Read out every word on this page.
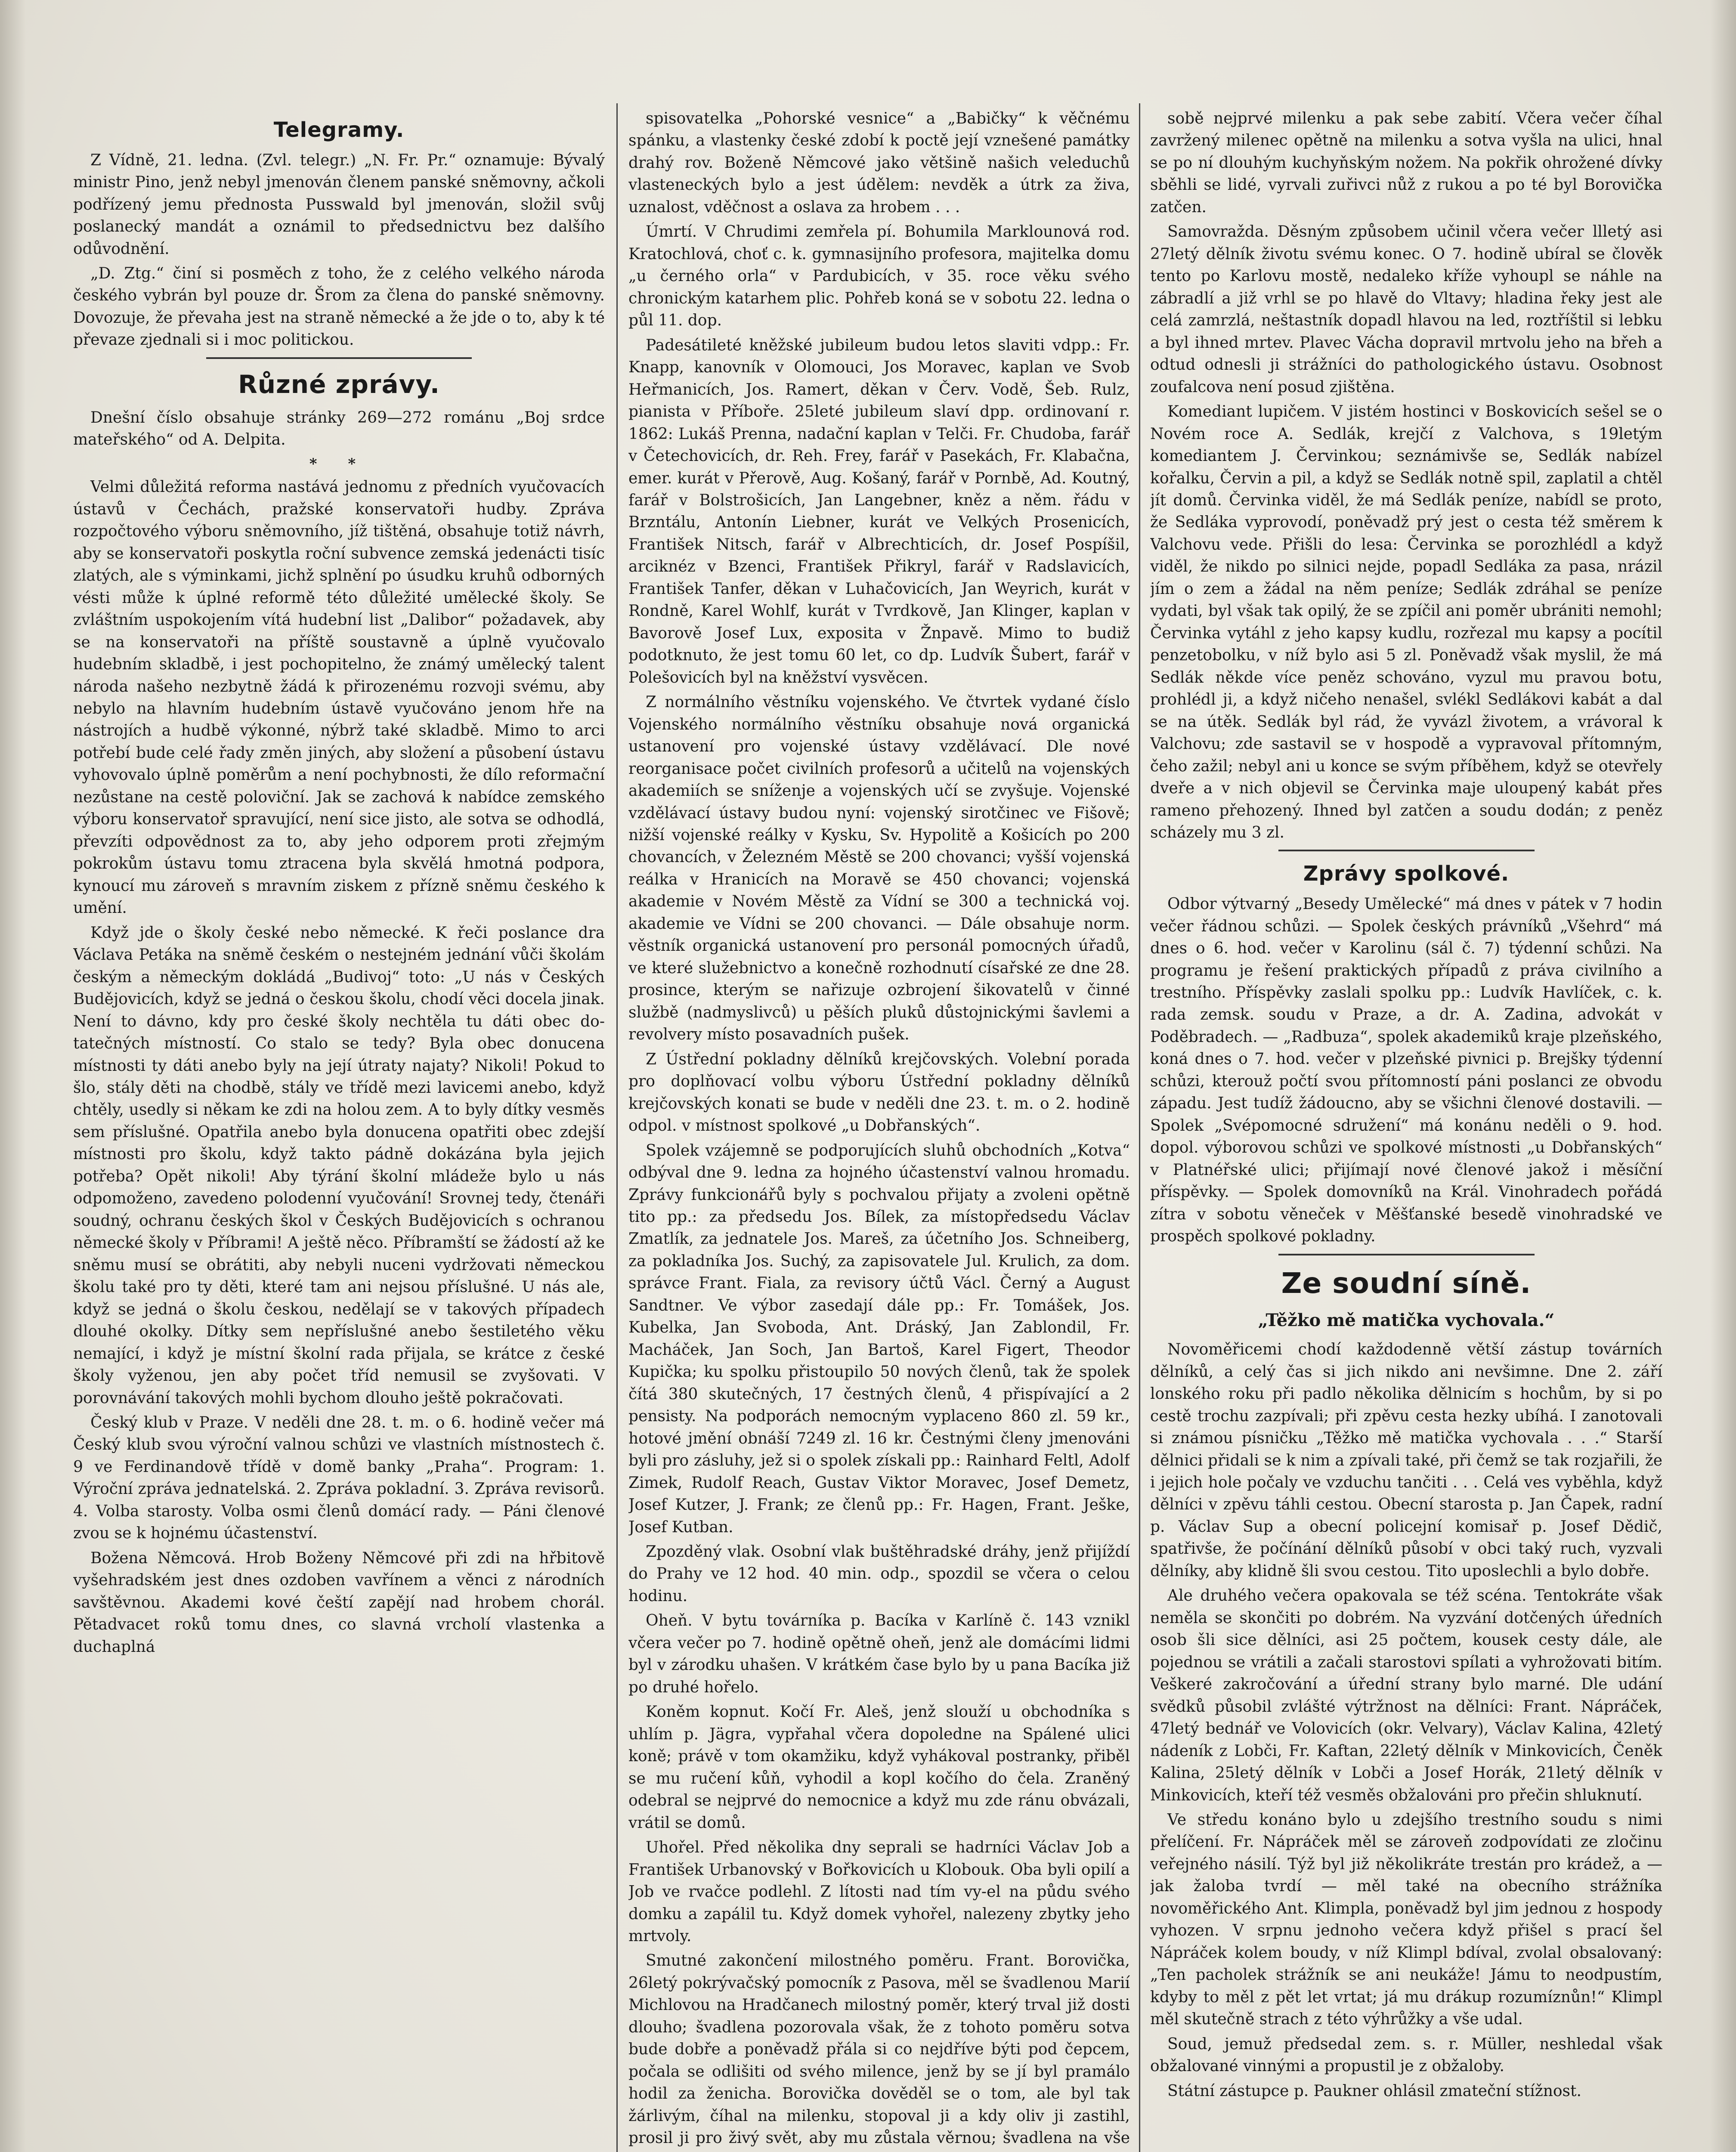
Telegramy.

Z Vídně, 21. ledna. (Zvl. telegr.) „N. Fr. Pr.“ oznamuje: Bývalý ministr Pino, jenž nebyl jmenován členem panské sněmovny, ačkoli podřízený jemu přednosta Pusswald byl jmenován, složil svůj poslanecký mandát a oznámil to předsednictvu bez dalšího odůvodnění.

„D. Ztg.“ činí si posměch z toho, že z celého velkého národa českého vybrán byl pouze dr. Šrom za člena do panské sněmovny. Dovozuje, že převaha jest na straně německé a že jde o to, aby k té převaze zjednali si i moc politickou.

Různé zprávy.

Dnešní číslo obsahuje stránky 269—272 románu „Boj srdce mateřského“ od A. Delpita.

* *

Velmi důležitá reforma nastává jednomu z předních vyučovacích ústavů v Čechách, pražské konservatoři hudby. Zpráva rozpočtového výboru sněmovního, jíž tištěná, obsahuje totiž návrh, aby se konservatoři poskytla roční subvence zemská jedenácti tisíc zlatých, ale s výminkami, jichž splnění po úsudku kruhů odborných vésti může k úplné reformě této důležité umělecké školy. Se zvláštním uspokojením vítá hudební list „Dalibor“ požadavek, aby se na konservatoři na příště soustavně a úplně vyučovalo hudebním skladbě, i jest pochopitelno, že známý umělecký talent národa našeho nezbytně žádá k přirozenému rozvoji svému, aby nebylo na hlavním hudebním ústavě vyučováno jenom hře na nástrojích a hudbě výkonné, nýbrž také skladbě. Mimo to arci potřebí bude celé řady změn jiných, aby složení a působení ústavu vyhovovalo úplně poměrům a není pochybnosti, že dílo reformační nezůstane na cestě poloviční. Jak se zachová k nabídce zemského výboru konservatoř spravující, není sice jisto, ale sotva se odhodlá, převzíti odpovědnost za to, aby jeho odporem proti zřejmým pokrokům ústavu tomu ztracena byla skvělá hmotná podpora, kynoucí mu zároveň s mravním ziskem z přízně sněmu českého k umění.

Když jde o školy české nebo německé. K řeči poslance dra Václava Petáka na sněmě českém o nestejném jednání vůči školám českým a německým dokládá „Budivoj“ toto: „U nás v Českých Budějovicích, když se jedná o českou školu, chodí věci docela jinak. Není to dávno, kdy pro české školy nechtěla tu dáti obec do-tatečných místností. Co stalo se tedy? Byla obec donucena místnosti ty dáti anebo byly na její útraty najaty? Nikoli! Pokud to šlo, stály děti na chodbě, stály ve třídě mezi lavicemi anebo, když chtěly, usedly si někam ke zdi na holou zem. A to byly dítky vesměs sem příslušné. Opatřila anebo byla donucena opatřiti obec zdejší místnosti pro školu, když takto pádně dokázána byla jejich potřeba? Opět nikoli! Aby týrání školní mládeže bylo u nás odpomoženo, zavedeno polodenní vyučování! Srovnej tedy, čtenáři soudný, ochranu českých škol v Českých Budějovicích s ochranou německé školy v Příbrami! A ještě něco. Příbramští se žádostí až ke sněmu musí se obrátiti, aby nebyli nuceni vydržovati německou školu také pro ty děti, které tam ani nejsou příslušné. U nás ale, když se jedná o školu českou, nedělají se v takových případech dlouhé okolky. Dítky sem nepříslušné anebo šestiletého věku nemající, i když je místní školní rada přijala, se krátce z české školy vyženou, jen aby počet tříd nemusil se zvyšovati. V porovnávání takových mohli bychom dlouho ještě pokračovati.

Český klub v Praze. V neděli dne 28. t. m. o 6. hodině večer má Český klub svou výroční valnou schůzi ve vlastních místnostech č. 9 ve Ferdinandově třídě v domě banky „Praha“. Program: 1. Výroční zpráva jednatelská. 2. Zpráva pokladní. 3. Zpráva revisorů. 4. Volba starosty. Volba osmi členů domácí rady. — Páni členové zvou se k hojnému účastenství.

Božena Němcová. Hrob Boženy Němcové při zdi na hřbitově vyšehradském jest dnes ozdoben vavřínem a věnci z národních savštěvnou. Akademi kové čeští zapějí nad hrobem chorál. Pětadvacet roků tomu dnes, co slavná vrcholí vlastenka a duchaplná

spisovatelka „Pohorské vesnice“ a „Babičky“ k věčnému spánku, a vlastenky české zdobí k poctě její vznešené památky drahý rov. Boženě Němcové jako většině našich veleduchů vlasteneckých bylo a jest údělem: nevděk a útrk za živa, uznalost, vděčnost a oslava za hrobem . . .

Úmrtí. V Chrudimi zemřela pí. Bohumila Marklounová rod. Kratochlová, choť c. k. gymnasijního profesora, majitelka domu „u černého orla“ v Pardubicích, v 35. roce věku svého chronickým katarhem plic. Pohřeb koná se v sobotu 22. ledna o půl 11. dop.

Padesátileté kněžské jubileum budou letos slaviti vdpp.: Fr. Knapp, kanovník v Olomouci, Jos Moravec, kaplan ve Svob Heřmanicích, Jos. Ramert, děkan v Červ. Vodě, Šeb. Rulz, pianista v Příboře. 25leté jubileum slaví dpp. ordinovaní r. 1862: Lukáš Prenna, nadační kaplan v Telči. Fr. Chudoba, farář v Četechovicích, dr. Reh. Frey, farář v Pasekách, Fr. Klabačna, emer. kurát v Přerově, Aug. Košaný, farář v Pornbě, Ad. Koutný, farář v Bolstrošicích, Jan Langebner, kněz a něm. řádu v Brzntálu, Antonín Liebner, kurát ve Velkých Prosenicích, František Nitsch, farář v Albrechticích, dr. Josef Pospíšil, arciknéz v Bzenci, František Přikryl, farář v Radslavicích, František Tanfer, děkan v Luhačovicích, Jan Weyrich, kurát v Rondně, Karel Wohlf, kurát v Tvrdkově, Jan Klinger, kaplan v Bavorově Josef Lux, exposita v Žnpavě. Mimo to budiž podotknuto, že jest tomu 60 let, co dp. Ludvík Šubert, farář v Polešovicích byl na kněžství vysvěcen.

Z normálního věstníku vojenského. Ve čtvrtek vydané číslo Vojenského normálního věstníku obsahuje nová organická ustanovení pro vojenské ústavy vzdělávací. Dle nové reorganisace počet civilních profesorů a učitelů na vojenských akademiích se sníženje a vojenských učí se zvyšuje. Vojenské vzdělávací ústavy budou nyní: vojenský sirotčinec ve Fišově; nižší vojenské reálky v Kysku, Sv. Hypolitě a Košicích po 200 chovancích, v Železném Městě se 200 chovanci; vyšší vojenská reálka v Hranicích na Moravě se 450 chovanci; vojenská akademie v Novém Městě za Vídní se 300 a technická voj. akademie ve Vídni se 200 chovanci. — Dále obsahuje norm. věstník organická ustanovení pro personál pomocných úřadů, ve které služebnictvo a konečně rozhodnutí císařské ze dne 28. prosince, kterým se nařizuje ozbrojení šikovatelů v činné službě (nadmyslivců) u pěších pluků důstojnickými šavlemi a revolvery místo posavadních pušek.

Z Ústřední pokladny dělníků krejčovských. Volební porada pro doplňovací volbu výboru Ústřední pokladny dělníků krejčovských konati se bude v neděli dne 23. t. m. o 2. hodině odpol. v místnost spolkové „u Dobřanských“.

Spolek vzájemně se podporujících sluhů obchodních „Kotva“ odbýval dne 9. ledna za hojného účastenství valnou hromadu. Zprávy funkcionářů byly s pochvalou přijaty a zvoleni opětně tito pp.: za předsedu Jos. Bílek, za místopředsedu Václav Zmatlík, za jednatele Jos. Mareš, za účetního Jos. Schneiberg, za pokladníka Jos. Suchý, za zapisovatele Jul. Krulich, za dom. správce Frant. Fiala, za revisory účtů Václ. Černý a August Sandtner. Ve výbor zasedají dále pp.: Fr. Tomášek, Jos. Kubelka, Jan Svoboda, Ant. Dráský, Jan Zablondil, Fr. Macháček, Jan Soch, Jan Bartoš, Karel Figert, Theodor Kupička; ku spolku přistoupilo 50 nových členů, tak že spolek čítá 380 skutečných, 17 čestných členů, 4 přispívající a 2 pensisty. Na podporách nemocným vyplaceno 860 zl. 59 kr., hotové jmění obnáší 7249 zl. 16 kr. Čestnými členy jmenováni byli pro zásluhy, jež si o spolek získali pp.: Rainhard Feltl, Adolf Zimek, Rudolf Reach, Gustav Viktor Moravec, Josef Demetz, Josef Kutzer, J. Frank; ze členů pp.: Fr. Hagen, Frant. Ješke, Josef Kutban.

Zpozděný vlak. Osobní vlak buštěhradské dráhy, jenž přijíždí do Prahy ve 12 hod. 40 min. odp., spozdil se včera o celou hodinu.

Oheň. V bytu továrníka p. Bacíka v Karlíně č. 143 vznikl včera večer po 7. hodině opětně oheň, jenž ale domácími lidmi byl v zárodku uhašen. V krátkém čase bylo by u pana Bacíka již po druhé hořelo.

Koněm kopnut. Kočí Fr. Aleš, jenž slouží u obchodníka s uhlím p. Jägra, vypřahal včera dopoledne na Spálené ulici koně; právě v tom okamžiku, když vyhákoval postranky, přiběl se mu ručení kůň, vyhodil a kopl kočího do čela. Zraněný odebral se nejprvé do nemocnice a když mu zde ránu obvázali, vrátil se domů.

Uhořel. Před několika dny seprali se hadrníci Václav Job a František Urbanovský v Bořkovicích u Klobouk. Oba byli opilí a Job ve rvačce podlehl. Z lítosti nad tím vy-el na půdu svého domku a zapálil tu. Když domek vyhořel, nalezeny zbytky jeho mrtvoly.

Smutné zakončení milostného poměru. Frant. Borovička, 26letý pokrývačský pomocník z Pasova, měl se švadlenou Marií Michlovou na Hradčanech milostný poměr, který trval již dosti dlouho; švadlena pozorovala však, že z tohoto poměru sotva bude dobře a poněvadž přála si co nejdříve býti pod čepcem, počala se odlišiti od svého milence, jenž by se jí byl pramálo hodil za ženicha. Borovička dověděl se o tom, ale byl tak žárlivým, číhal na milenku, stopoval ji a kdy oliv ji zastihl, prosil ji pro živý svět, aby mu zůstala věrnou; švadlena na vše

sobě nejprvé milenku a pak sebe zabití. Včera večer číhal zavržený milenec opětně na milenku a sotva vyšla na ulici, hnal se po ní dlouhým kuchyňským nožem. Na pokřik ohrožené dívky sběhli se lidé, vyrvali zuřivci nůž z rukou a po té byl Borovička zatčen.

Samovražda. Děsným způsobem učinil včera večer llletý asi 27letý dělník životu svému konec. O 7. hodině ubíral se člověk tento po Karlovu mostě, nedaleko kříže vyhoupl se náhle na zábradlí a již vrhl se po hlavě do Vltavy; hladina řeky jest ale celá zamrzlá, neštastník dopadl hlavou na led, roztříštil si lebku a byl ihned mrtev. Plavec Vácha dopravil mrtvolu jeho na břeh a odtud odnesli ji strážníci do pathologického ústavu. Osobnost zoufalcova není posud zjištěna.

Komediant lupičem. V jistém hostinci v Boskovicích sešel se o Novém roce A. Sedlák, krejčí z Valchova, s 19letým komediantem J. Červinkou; seznámivše se, Sedlák nabízel kořalku, Červin a pil, a když se Sedlák notně spil, zaplatil a chtěl jít domů. Červinka viděl, že má Sedlák peníze, nabídl se proto, že Sedláka vyprovodí, poněvadž prý jest o cesta též směrem k Valchovu vede. Přišli do lesa: Červinka se porozhlédl a když viděl, že nikdo po silnici nejde, popadl Sedláka za pasa, nrázil jím o zem a žádal na něm peníze; Sedlák zdráhal se peníze vydati, byl však tak opilý, že se zpíčil ani poměr ubrániti nemohl; Červinka vytáhl z jeho kapsy kudlu, rozřezal mu kapsy a pocítil penzetobolku, v níž bylo asi 5 zl. Poněvadž však myslil, že má Sedlák někde více peněz schováno, vyzul mu pravou botu, prohlédl ji, a když ničeho nenašel, svlékl Sedlákovi kabát a dal se na útěk. Sedlák byl rád, že vyvázl životem, a vrávoral k Valchovu; zde sastavil se v hospodě a vypravoval přítomným, čeho zažil; nebyl ani u konce se svým příběhem, když se otevřely dveře a v nich objevil se Červinka maje uloupený kabát přes rameno přehozený. Ihned byl zatčen a soudu dodán; z peněz scházely mu 3 zl.

Zprávy spolkové.

Odbor výtvarný „Besedy Umělecké“ má dnes v pátek v 7 hodin večer řádnou schůzi. — Spolek českých právníků „Všehrd“ má dnes o 6. hod. večer v Karolinu (sál č. 7) týdenní schůzi. Na programu je řešení praktických případů z práva civilního a trestního. Příspěvky zaslali spolku pp.: Ludvík Havlíček, c. k. rada zemsk. soudu v Praze, a dr. A. Zadina, advokát v Poděbradech. — „Radbuza“, spolek akademiků kraje plzeňského, koná dnes o 7. hod. večer v plzeňské pivnici p. Brejšky týdenní schůzi, kterouž počtí svou přítomností páni poslanci ze obvodu západu. Jest tudíž žádoucno, aby se všichni členové dostavili. — Spolek „Svépomocné sdružení“ má konánu neděli o 9. hod. dopol. výborovou schůzi ve spolkové místnosti „u Dobřanských“ v Platnéřské ulici; přijímají nové členové jakož i měsíční příspěvky. — Spolek domovníků na Král. Vinohradech pořádá zítra v sobotu věneček v Měšťanské besedě vinohradské ve prospěch spolkové pokladny.

Ze soudní síně.
„Těžko mě matička vychovala.“

Novoměřicemi chodí každodenně větší zástup továrních dělníků, a celý čas si jich nikdo ani nevšimne. Dne 2. září lonského roku při padlo několika dělnicím s hochům, by si po cestě trochu zazpívali; při zpěvu cesta hezky ubíhá. I zanotovali si známou písničku „Těžko mě matička vychovala . . .“ Starší dělnici přidali se k nim a zpívali také, při čemž se tak rozjařili, že i jejich hole počaly ve vzduchu tančiti . . . Celá ves vyběhla, když dělníci v zpěvu táhli cestou. Obecní starosta p. Jan Čapek, radní p. Václav Sup a obecní policejní komisař p. Josef Dědič, spatřivše, že počínání dělníků působí v obci taký ruch, vyzvali dělníky, aby klidně šli svou cestou. Tito uposlechli a bylo dobře.

Ale druhého večera opakovala se též scéna. Tentokráte však neměla se skončiti po dobrém. Na vyzvání dotčených úředních osob šli sice dělníci, asi 25 počtem, kousek cesty dále, ale pojednou se vrátili a začali starostovi spílati a vyhrožovati bitím. Veškeré zakročování a úřední strany bylo marné. Dle udání svědků působil zvlášté výtržnost na dělníci: Frant. Nápráček, 47letý bednář ve Volovicích (okr. Velvary), Václav Kalina, 42letý nádeník z Lobči, Fr. Kaftan, 22letý dělník v Minkovicích, Čeněk Kalina, 25letý dělník v Lobči a Josef Horák, 21letý dělník v Minkovicích, kteří též vesměs obžalováni pro přečin shluknutí.

Ve středu konáno bylo u zdejšího trestního soudu s nimi přelíčení. Fr. Nápráček měl se zároveň zodpovídati ze zločinu veřejného násilí. Týž byl již několikráte trestán pro krádež, a — jak žaloba tvrdí — měl také na obecního strážníka novoměřického Ant. Klimpla, poněvadž byl jim jednou z hospody vyhozen. V srpnu jednoho večera když přišel s prací šel Nápráček kolem boudy, v níž Klimpl bdíval, zvolal obsalovaný: „Ten pacholek strážník se ani neukáže! Jámu to neodpustím, kdyby to měl z pět let vrtat; já mu drákup rozumíznůn!“ Klimpl měl skutečně strach z této výhrůžky a vše udal.

Soud, jemuž předsedal zem. s. r. Müller, neshledal však obžalované vinnými a propustil je z obžaloby.

Státní zástupce p. Paukner ohlásil zmateční stížnost.
